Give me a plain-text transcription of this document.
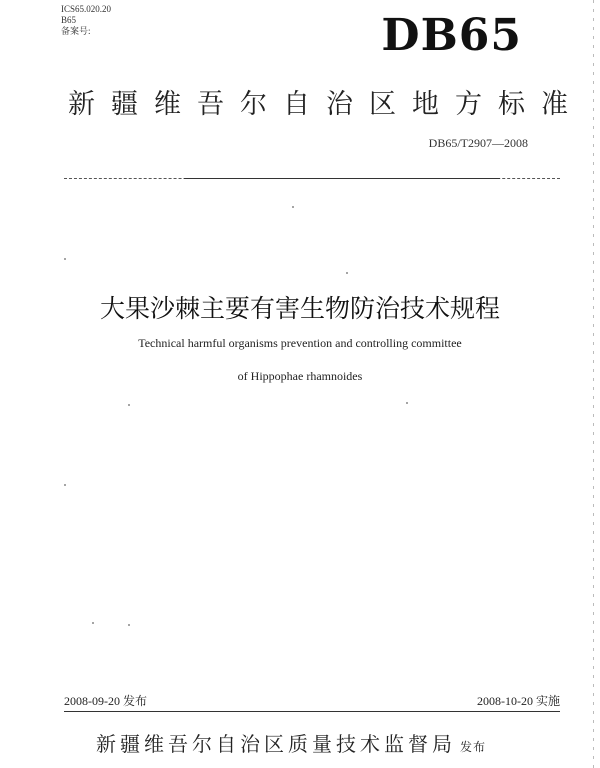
ICS65.020.20
B65
备案号:	DB65
新疆维吾尔自治区地方标准
DB65/T2907—2008
大果沙棘主要有害生物防治技术规程
Technical harmful organisms prevention and controlling committee
of Hippophae rhamnoides
2008-09-20 发布	2008-10-20 实施
新疆维吾尔自治区质量技术监督局 发布
